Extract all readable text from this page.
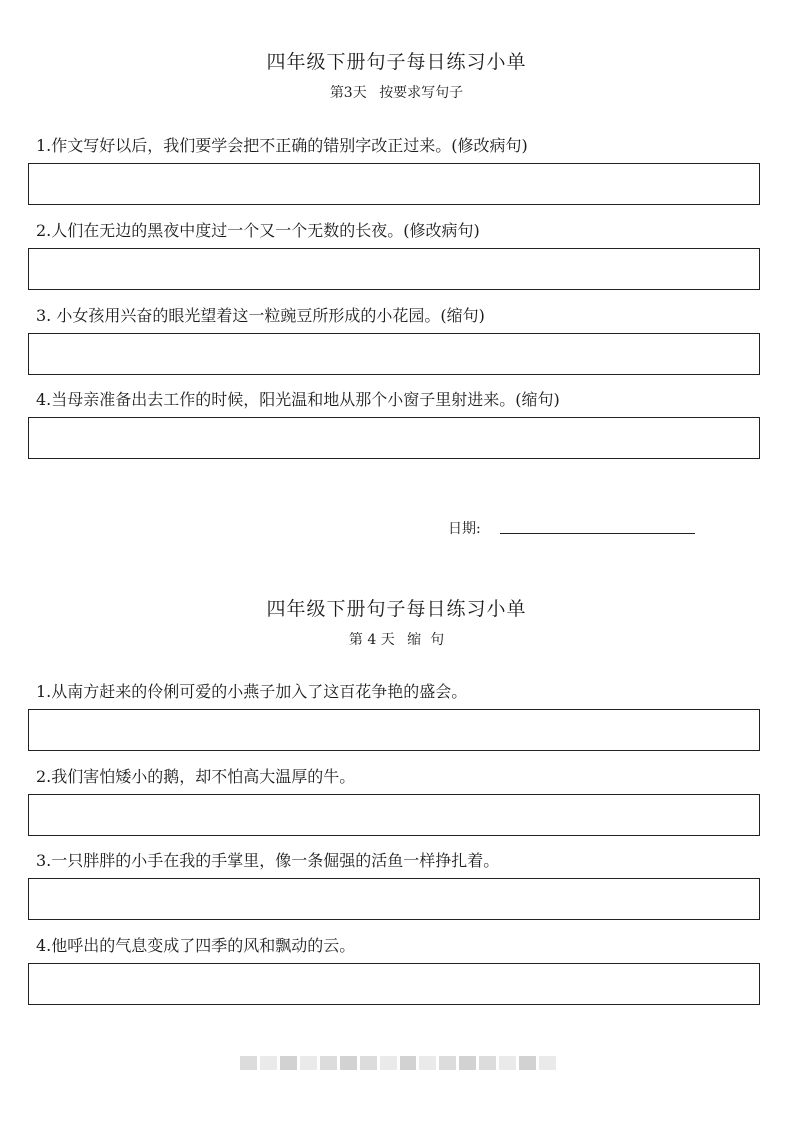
四年级下册句子每日练习小单
第3天 按要求写句子
1.作文写好以后，我们要学会把不正确的错别字改正过来。(修改病句)
2.人们在无边的黑夜中度过一个又一个无数的长夜。(修改病句)
3. 小女孩用兴奋的眼光望着这一粒豌豆所形成的小花园。(缩句)
4.当母亲准备出去工作的时候，阳光温和地从那个小窗子里射进来。(缩句)
日期:
四年级下册句子每日练习小单
第 4 天 缩  句
1.从南方赶来的伶俐可爱的小燕子加入了这百花争艳的盛会。
2.我们害怕矮小的鹅，却不怕高大温厚的牛。
3.一只胖胖的小手在我的手掌里，像一条倔强的活鱼一样挣扎着。
4.他呼出的气息变成了四季的风和飘动的云。
